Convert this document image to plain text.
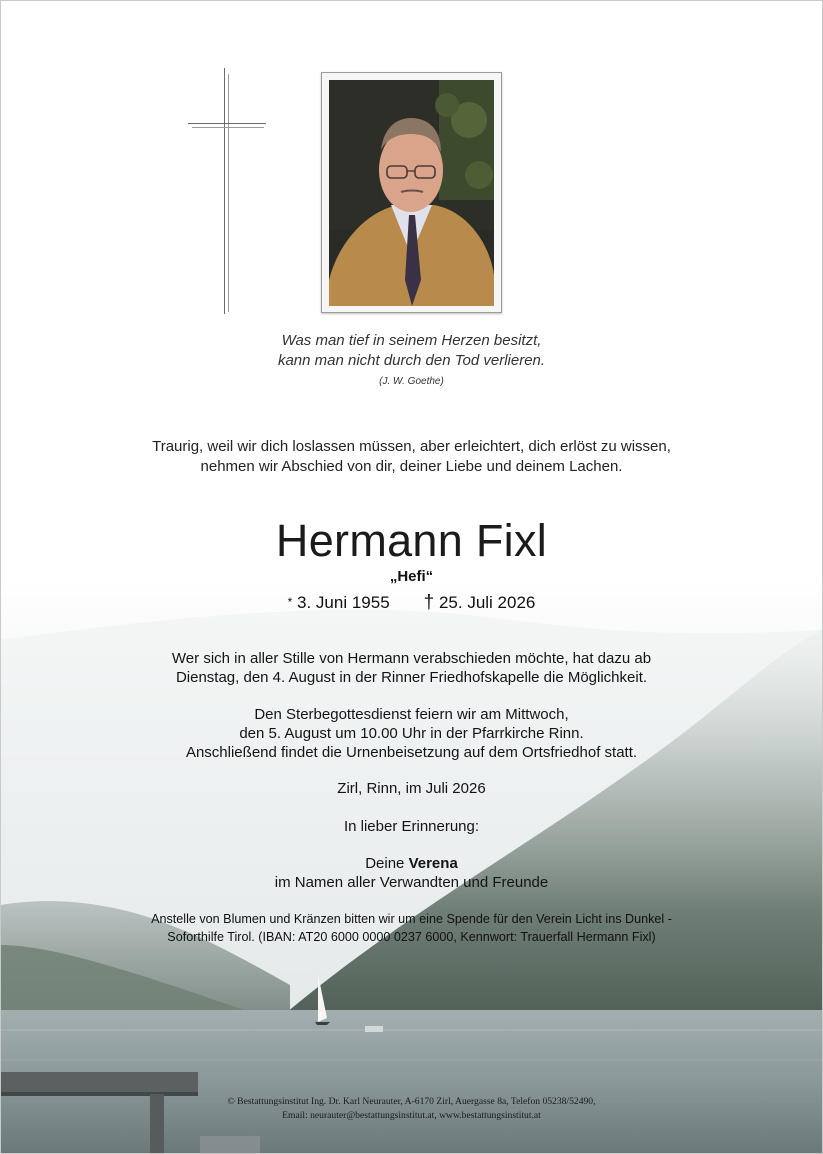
Was man tief in seinem Herzen besitzt,
kann man nicht durch den Tod verlieren.
(J. W. Goethe)
Traurig, weil wir dich loslassen müssen, aber erleichtert, dich erlöst zu wissen,
nehmen wir Abschied von dir, deiner Liebe und deinem Lachen.
Hermann Fixl
„Hefi“
* 3. Juni 1955 † 25. Juli 2026
Wer sich in aller Stille von Hermann verabschieden möchte, hat dazu ab
Dienstag, den 4. August in der Rinner Friedhofskapelle die Möglichkeit.
Den Sterbegottesdienst feiern wir am Mittwoch,
den 5. August um 10.00 Uhr in der Pfarrkirche Rinn.
Anschließend findet die Urnenbeisetzung auf dem Ortsfriedhof statt.
Zirl, Rinn, im Juli 2026
In lieber Erinnerung:
Deine Verena
im Namen aller Verwandten und Freunde
Anstelle von Blumen und Kränzen bitten wir um eine Spende für den Verein Licht ins Dunkel -
Soforthilfe Tirol. (IBAN: AT20 6000 0000 0237 6000, Kennwort: Trauerfall Hermann Fixl)
© Bestattungsinstitut Ing. Dr. Karl Neurauter, A-6170 Zirl, Auergasse 8a, Telefon 05238/52490,
Email: neurauter@bestattungsinstitut.at, www.bestattungsinstitut.at
